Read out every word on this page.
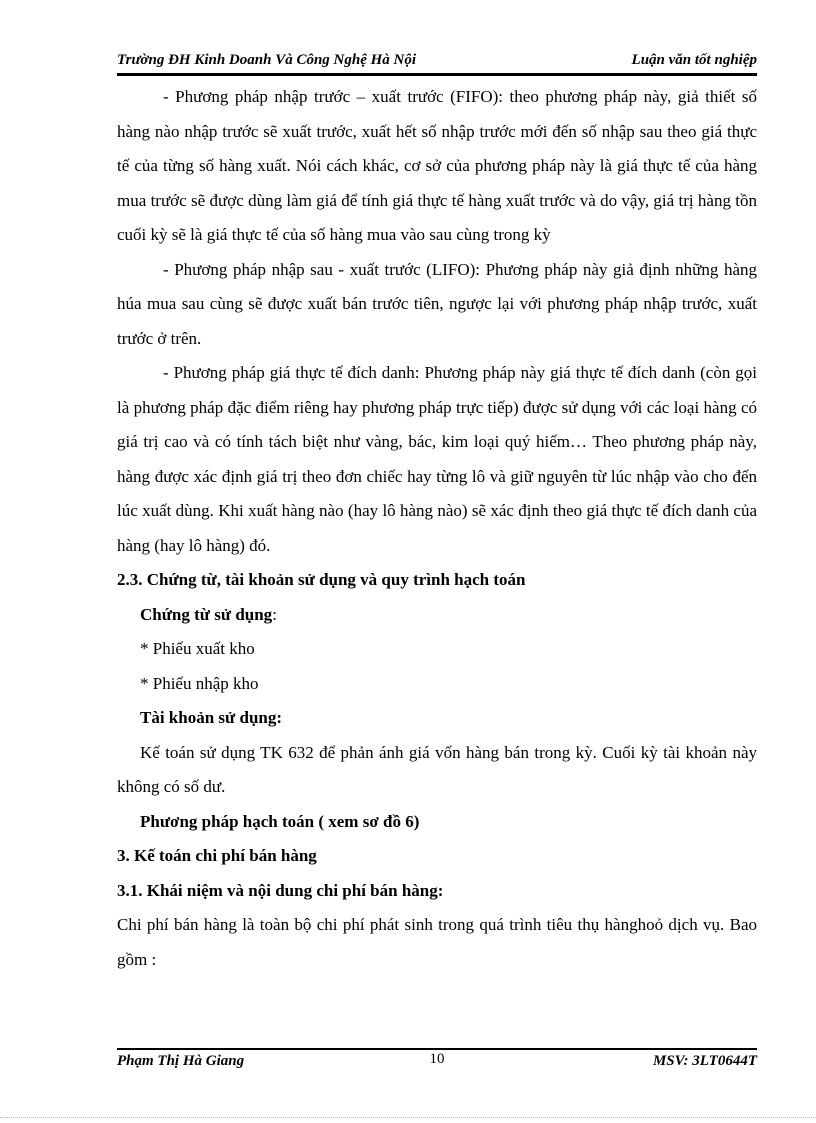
Trường ĐH Kinh Doanh Và Công Nghệ Hà Nội	Luận văn tốt nghiệp

- Phương pháp nhập trước – xuất trước (FIFO): theo phương pháp này, giả thiết số hàng nào nhập trước sẽ xuất trước, xuất hết số nhập trước mới đến số nhập sau theo giá thực tế của từng số hàng xuất. Nói cách khác, cơ sở của phương pháp này là giá thực tế của hàng mua trước sẽ được dùng làm giá để tính giá thực tế hàng xuất trước và do vậy, giá trị hàng tồn cuối kỳ sẽ là giá thực tế của số hàng mua vào sau cùng trong kỳ

- Phương pháp nhập sau - xuất trước (LIFO): Phương pháp này giả định những hàng húa mua sau cùng sẽ được xuất bán trước tiên, ngược lại với phương pháp nhập trước, xuất trước ở trên.

- Phương pháp giá thực tế đích danh: Phương pháp này giá thực tế đích danh (còn gọi là phương pháp đặc điểm riêng hay phương pháp trực tiếp) được sử dụng với các loại hàng có giá trị cao và có tính tách biệt như vàng, bác, kim loại quý hiếm… Theo phương pháp này, hàng được xác định giá trị theo đơn chiếc hay từng lô và giữ nguyên từ lúc nhập vào cho đến lúc xuất dùng. Khi xuất hàng nào (hay lô hàng nào) sẽ xác định theo giá thực tế đích danh của hàng (hay lô hàng) đó.

2.3. Chứng từ, tài khoản sử dụng và quy trình hạch toán

Chứng từ sử dụng:

* Phiếu xuất kho

* Phiếu nhập kho

Tài khoản sử dụng:

Kế toán sử dụng TK 632 để phản ánh giá vốn hàng bán trong kỳ. Cuối kỳ tài khoản này không có số dư.

Phương pháp hạch toán ( xem sơ đồ 6)

3. Kế toán chi phí bán hàng

3.1. Khái niệm và nội dung chi phí bán hàng:

Chi phí bán hàng là toàn bộ chi phí phát sinh trong quá trình tiêu thụ hànghoỏ dịch vụ. Bao gồm :

Phạm Thị Hà Giang	10	MSV: 3LT0644T
